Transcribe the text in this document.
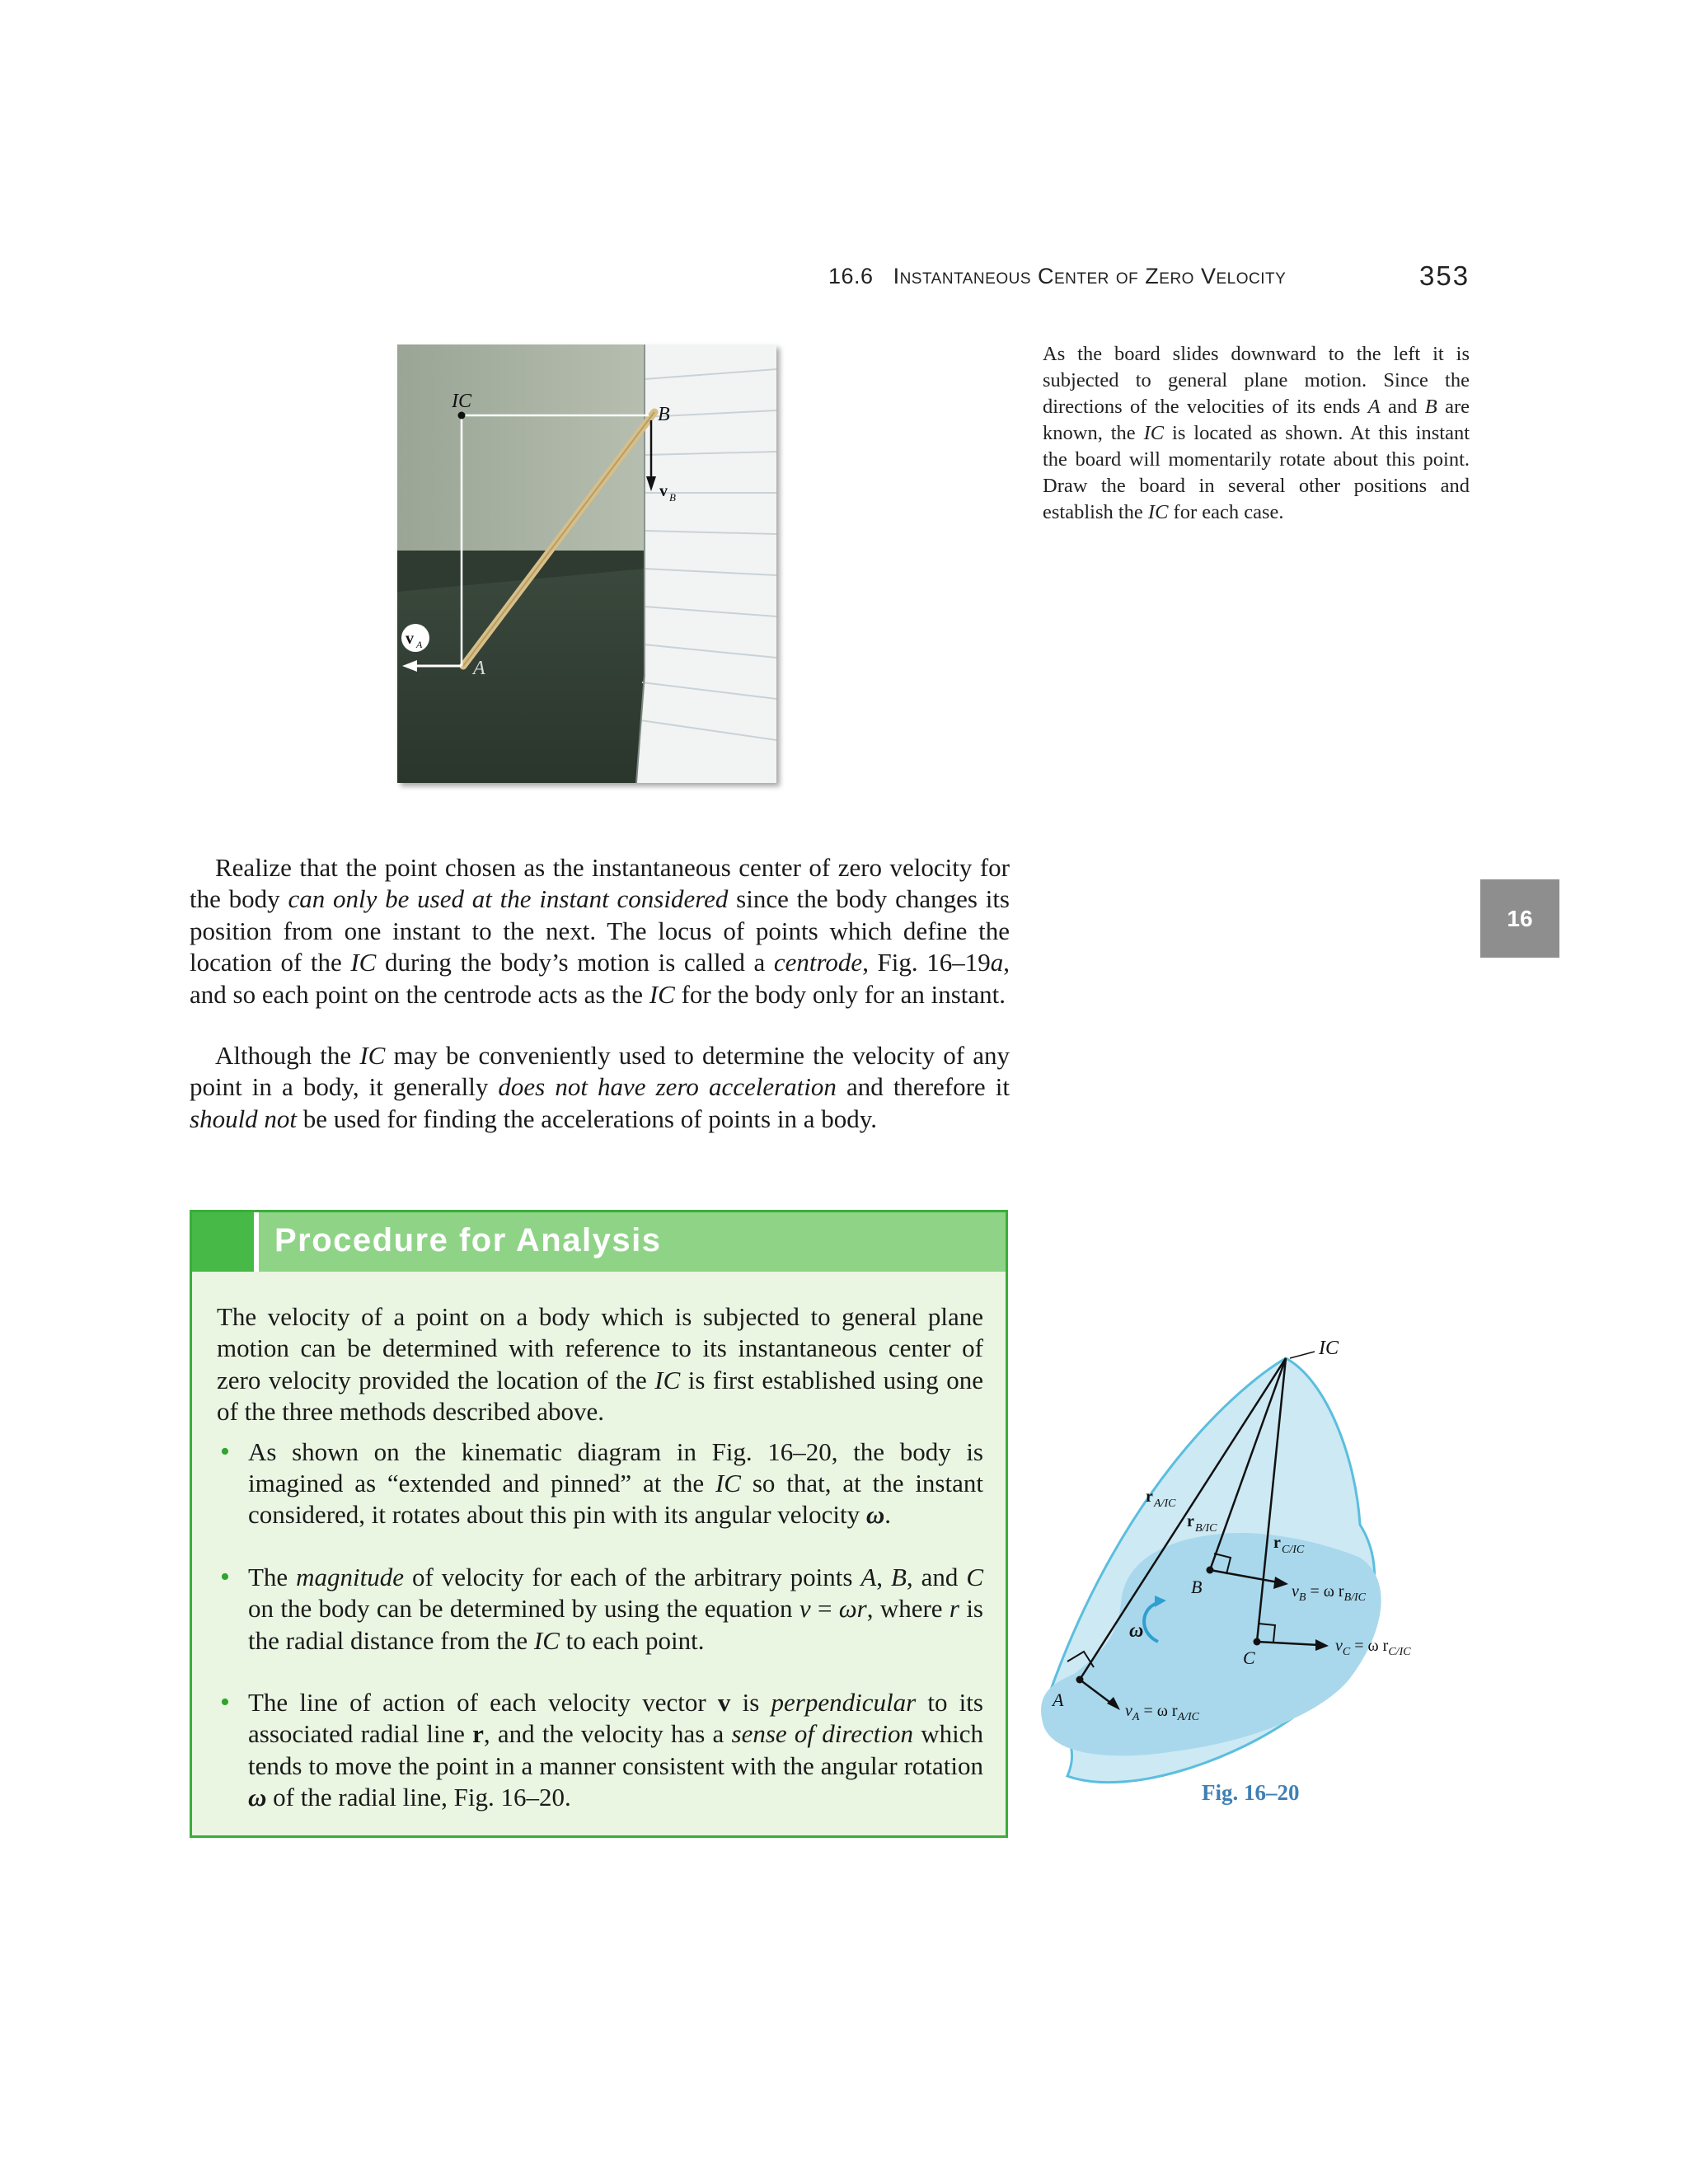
16.6 Instantaneous Center of Zero Velocity	353
v A
IC
B
v B
A
As the board slides downward to the left it is subjected to general plane motion. Since the directions of the velocities of its ends A and B are known, the IC is located as shown. At this instant the board will momentarily rotate about this point. Draw the board in several other positions and establish the IC for each case.

Realize that the point chosen as the instantaneous center of zero velocity for the body can only be used at the instant considered since the body changes its position from one instant to the next. The locus of points which define the location of the IC during the body’s motion is called a centrode, Fig. 16–19a, and so each point on the centrode acts as the IC for the body only for an instant.

Although the IC may be conveniently used to determine the velocity of any point in a body, it generally does not have zero acceleration and therefore it should not be used for finding the accelerations of points in a body.

16
Procedure for Analysis

The velocity of a point on a body which is subjected to general plane motion can be determined with reference to its instantaneous center of zero velocity provided the location of the IC is first established using one of the three methods described above.

• As shown on the kinematic diagram in Fig. 16–20, the body is imagined as “extended and pinned” at the IC so that, at the instant considered, it rotates about this pin with its angular velocity ω.
• The magnitude of velocity for each of the arbitrary points A, B, and C on the body can be determined by using the equation v = ωr, where r is the radial distance from the IC to each point.
• The line of action of each velocity vector v is perpendicular to its associated radial line r, and the velocity has a sense of direction which tends to move the point in a manner consistent with the angular rotation ω of the radial line, Fig. 16–20.
ω
IC
A
B
C
r A/IC
r B/IC
r C/IC
$v_B = \omega$ $r_{B/IC}$
$v_C = \omega$ $r_{C/IC}$
$v_A = \omega$ $r_{A/IC}$
Fig. 16–20
